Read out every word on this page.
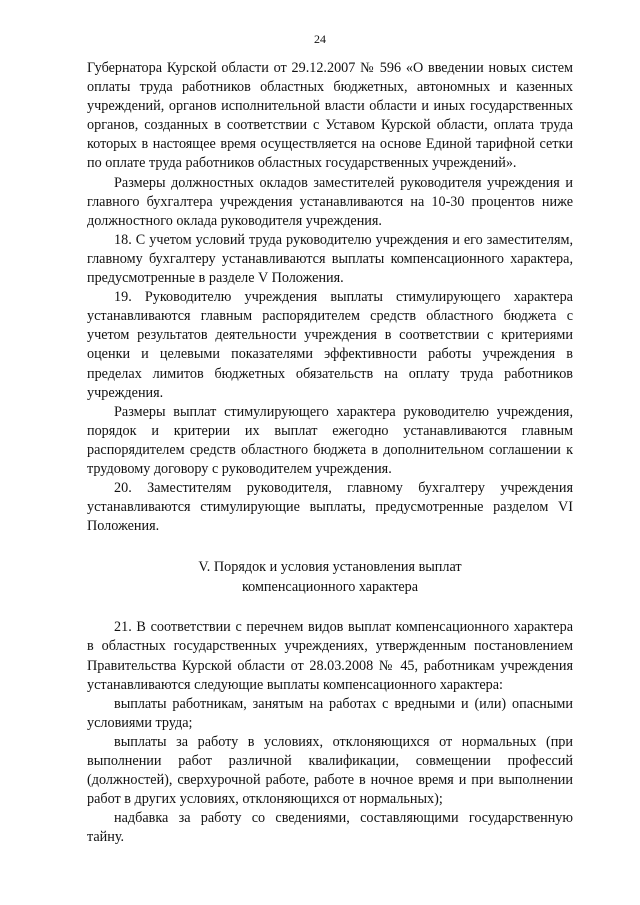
24

Губернатора Курской области от 29.12.2007 № 596 «О введении новых систем оплаты труда работников областных бюджетных, автономных и казенных учреждений, органов исполнительной власти области и иных государственных органов, созданных в соответствии с Уставом Курской области, оплата труда которых в настоящее время осуществляется на основе Единой тарифной сетки по оплате труда работников областных государственных учреждений».

Размеры должностных окладов заместителей руководителя учреждения и главного бухгалтера учреждения устанавливаются на 10-30 процентов ниже должностного оклада руководителя учреждения.

18. С учетом условий труда руководителю учреждения и его заместителям, главному бухгалтеру устанавливаются выплаты компенсационного характера, предусмотренные в разделе V Положения.

19. Руководителю учреждения выплаты стимулирующего характера устанавливаются главным распорядителем средств областного бюджета с учетом результатов деятельности учреждения в соответствии с критериями оценки и целевыми показателями эффективности работы учреждения в пределах лимитов бюджетных обязательств на оплату труда работников учреждения.

Размеры выплат стимулирующего характера руководителю учреждения, порядок и критерии их выплат ежегодно устанавливаются главным распорядителем средств областного бюджета в дополнительном соглашении к трудовому договору с руководителем учреждения.

20. Заместителям руководителя, главному бухгалтеру учреждения устанавливаются стимулирующие выплаты, предусмотренные разделом VI Положения.

V. Порядок и условия установления выплат
компенсационного характера

21. В соответствии с перечнем видов выплат компенсационного характера в областных государственных учреждениях, утвержденным постановлением Правительства Курской области от 28.03.2008 № 45, работникам учреждения устанавливаются следующие выплаты компенсационного характера:

выплаты работникам, занятым на работах с вредными и (или) опасными условиями труда;

выплаты за работу в условиях, отклоняющихся от нормальных (при выполнении работ различной квалификации, совмещении профессий (должностей), сверхурочной работе, работе в ночное время и при выполнении работ в других условиях, отклоняющихся от нормальных);

надбавка за работу со сведениями, составляющими государственную тайну.
